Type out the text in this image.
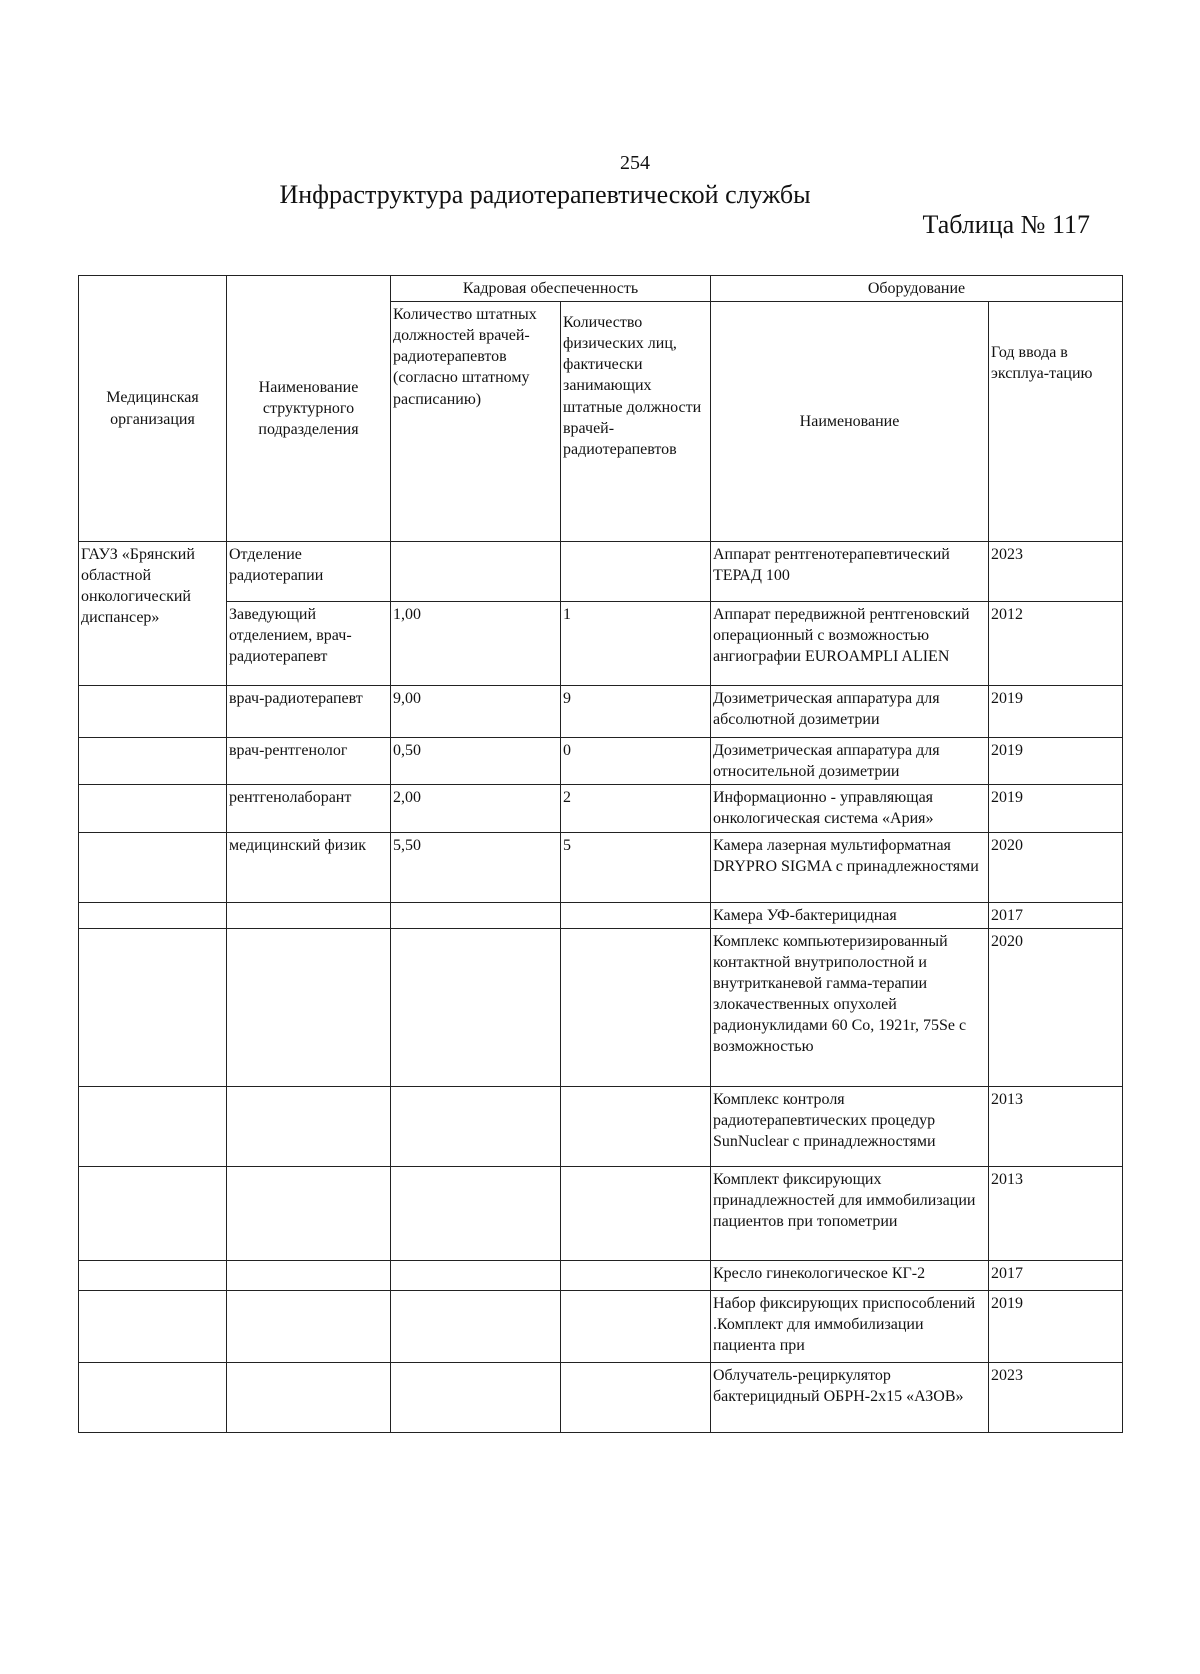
254
Инфраструктура радиотерапевтической службы
Таблица № 117
Медицинская организация	Наименование структурного подразделения	Кадровая обеспеченность		Оборудование	
		Количество штатных должностей врачей-радиотерапевтов (согласно штатному расписанию)	Количество физических лиц, фактически занимающих штатные должности врачей-радиотерапевтов	Наименование	Год ввода в эксплуа-тацию
ГАУЗ «Брянский областной онкологический диспансер»	Отделение радиотерапии			Аппарат рентгенотерапевтический ТЕРАД 100	2023
	Заведующий отделением, врач-радиотерапевт	1,00	1	Аппарат передвижной рентгеновский операционный с возможностью ангиографии EUROAMPLI ALIEN	2012
	врач-радиотерапевт	9,00	9	Дозиметрическая аппаратура для абсолютной дозиметрии	2019
	врач-рентгенолог	0,50	0	Дозиметрическая аппаратура для относительной дозиметрии	2019
	рентгенолаборант	2,00	2	Информационно - управляющая онкологическая система «Ария»	2019
	медицинский физик	5,50	5	Камера лазерная мультиформатная DRYPRO SIGMA с принадлежностями	2020
				Камера УФ-бактерицидная	2017
				Комплекс компьютеризированный контактной внутриполостной и внутритканевой гамма-терапии злокачественных опухолей радионуклидами 60 Со, 1921r, 75Se с возможностью	2020
				Комплекс контроля радиотерапевтических процедур SunNuclear с принадлежностями	2013
				Комплект фиксирующих принадлежностей для иммобилизации пациентов при топометрии	2013
				Кресло гинекологическое КГ-2	2017
				Набор фиксирующих приспособлений .Комплект для иммобилизации пациента при	2019
				Облучатель-рециркулятор бактерицидный ОБРН-2х15 «АЗОВ»	2023
